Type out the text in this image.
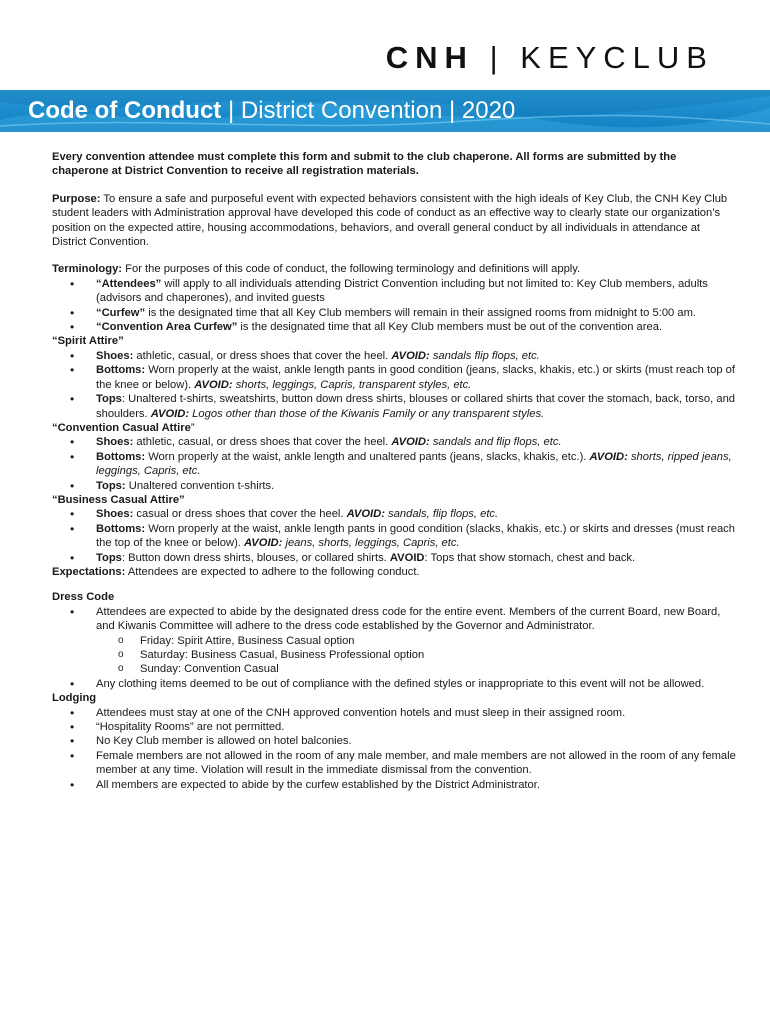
CNH | KEYCLUB
Code of Conduct | District Convention | 2020

Every convention attendee must complete this form and submit to the club chaperone. All forms are submitted by the chaperone at District Convention to receive all registration materials.

Purpose: To ensure a safe and purposeful event with expected behaviors consistent with the high ideals of Key Club, the CNH Key Club student leaders with Administration approval have developed this code of conduct as an effective way to clearly state our organization’s position on the expected attire, housing accommodations, behaviors, and overall general conduct by all individuals in attendance at District Convention.

Terminology: For the purposes of this code of conduct, the following terminology and definitions will apply.

• “Attendees” will apply to all individuals attending District Convention including but not limited to: Key Club members, adults (advisors and chaperones), and invited guests
• “Curfew” is the designated time that all Key Club members will remain in their assigned rooms from midnight to 5:00 am.
• “Convention Area Curfew” is the designated time that all Key Club members must be out of the convention area.

“Spirit Attire”

• Shoes: athletic, casual, or dress shoes that cover the heel. AVOID: sandals flip flops, etc.
• Bottoms: Worn properly at the waist, ankle length pants in good condition (jeans, slacks, khakis, etc.) or skirts (must reach top of the knee or below). AVOID: shorts, leggings, Capris, transparent styles, etc.
• Tops: Unaltered t-shirts, sweatshirts, button down dress shirts, blouses or collared shirts that cover the stomach, back, torso, and shoulders. AVOID: Logos other than those of the Kiwanis Family or any transparent styles.

“Convention Casual Attire”

• Shoes: athletic, casual, or dress shoes that cover the heel. AVOID: sandals and flip flops, etc.
• Bottoms: Worn properly at the waist, ankle length and unaltered pants (jeans, slacks, khakis, etc.). AVOID: shorts, ripped jeans, leggings, Capris, etc.
• Tops: Unaltered convention t-shirts.

“Business Casual Attire”

• Shoes: casual or dress shoes that cover the heel. AVOID: sandals, flip flops, etc.
• Bottoms: Worn properly at the waist, ankle length pants in good condition (slacks, khakis, etc.) or skirts and dresses (must reach the top of the knee or below). AVOID: jeans, shorts, leggings, Capris, etc.
• Tops: Button down dress shirts, blouses, or collared shirts. AVOID: Tops that show stomach, chest and back.

Expectations: Attendees are expected to adhere to the following conduct.

Dress Code

• Attendees are expected to abide by the designated dress code for the entire event. Members of the current Board, new Board, and Kiwanis Committee will adhere to the dress code established by the Governor and Administrator.
o Friday: Spirit Attire, Business Casual option
o Saturday: Business Casual, Business Professional option
o Sunday: Convention Casual
• Any clothing items deemed to be out of compliance with the defined styles or inappropriate to this event will not be allowed.

Lodging

• Attendees must stay at one of the CNH approved convention hotels and must sleep in their assigned room.
• “Hospitality Rooms” are not permitted.
• No Key Club member is allowed on hotel balconies.
• Female members are not allowed in the room of any male member, and male members are not allowed in the room of any female member at any time. Violation will result in the immediate dismissal from the convention.
• All members are expected to abide by the curfew established by the District Administrator.
